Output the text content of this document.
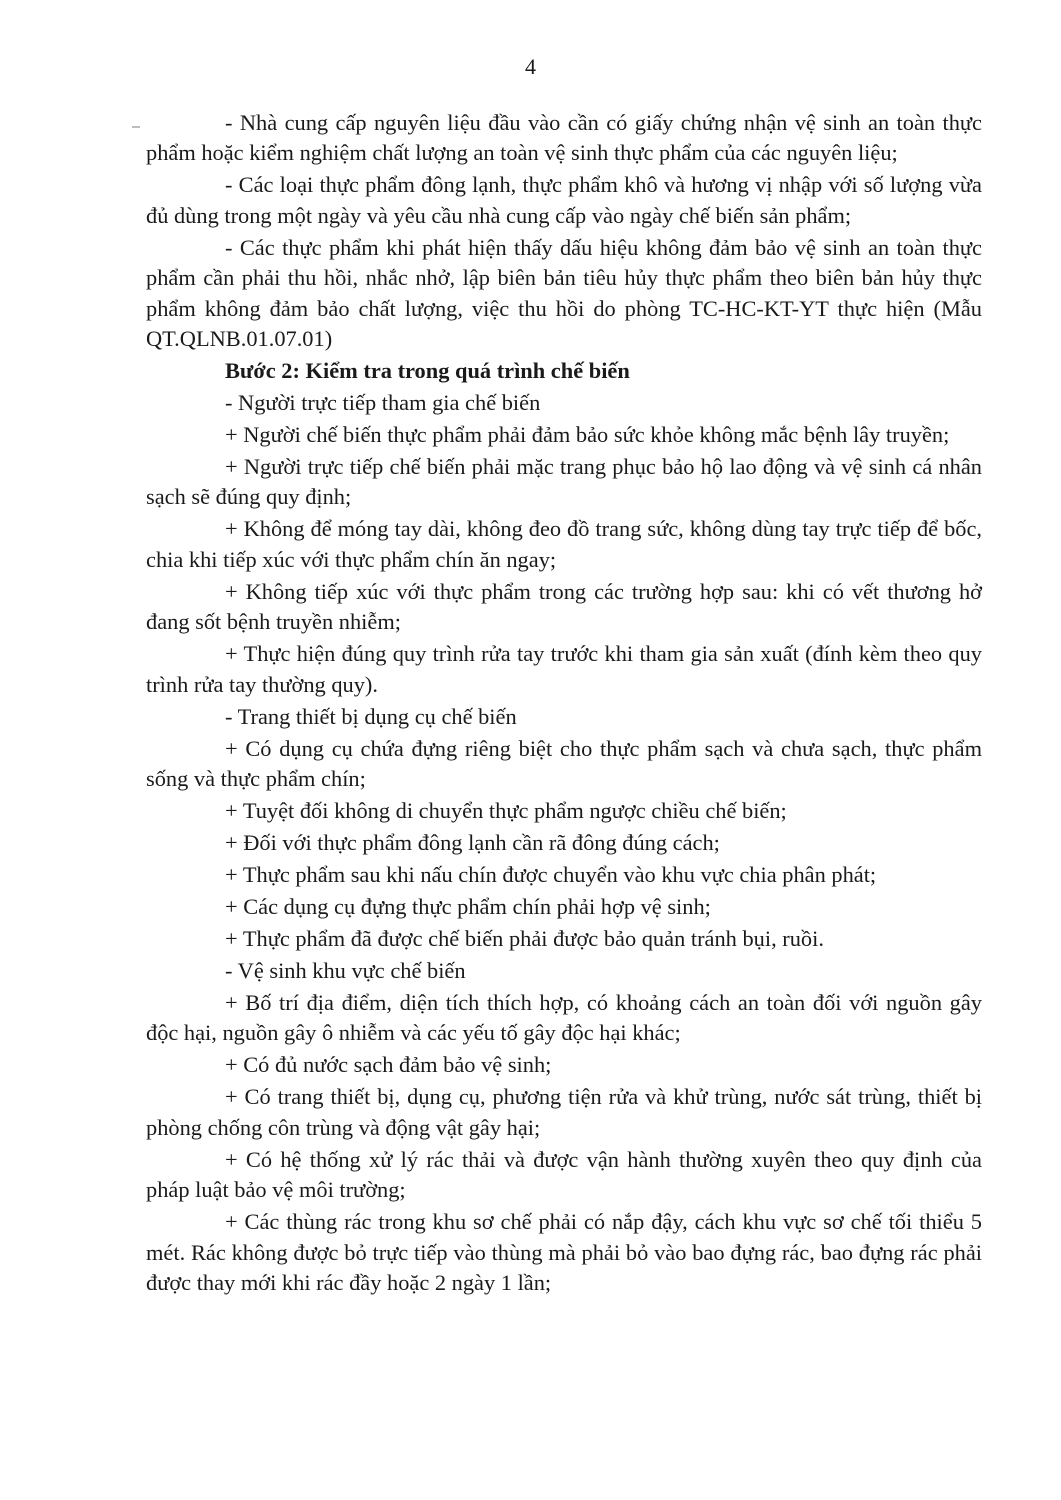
4

- Nhà cung cấp nguyên liệu đầu vào cần có giấy chứng nhận vệ sinh an toàn thực phẩm hoặc kiểm nghiệm chất lượng an toàn vệ sinh thực phẩm của các nguyên liệu;

- Các loại thực phẩm đông lạnh, thực phẩm khô và hương vị nhập với số lượng vừa đủ dùng trong một ngày và yêu cầu nhà cung cấp vào ngày chế biến sản phẩm;

- Các thực phẩm khi phát hiện thấy dấu hiệu không đảm bảo vệ sinh an toàn thực phẩm cần phải thu hồi, nhắc nhở, lập biên bản tiêu hủy thực phẩm theo biên bản hủy thực phẩm không đảm bảo chất lượng, việc thu hồi do phòng TC-HC-KT-YT thực hiện (Mẫu QT.QLNB.01.07.01)

Bước 2: Kiểm tra trong quá trình chế biến

- Người trực tiếp tham gia chế biến

+ Người chế biến thực phẩm phải đảm bảo sức khỏe không mắc bệnh lây truyền;

+ Người trực tiếp chế biến phải mặc trang phục bảo hộ lao động và vệ sinh cá nhân sạch sẽ đúng quy định;

+ Không để móng tay dài, không đeo đồ trang sức, không dùng tay trực tiếp để bốc, chia khi tiếp xúc với thực phẩm chín ăn ngay;

+ Không tiếp xúc với thực phẩm trong các trường hợp sau: khi có vết thương hở đang sốt bệnh truyền nhiễm;

+ Thực hiện đúng quy trình rửa tay trước khi tham gia sản xuất (đính kèm theo quy trình rửa tay thường quy).

- Trang thiết bị dụng cụ chế biến

+ Có dụng cụ chứa đựng riêng biệt cho thực phẩm sạch và chưa sạch, thực phẩm sống và thực phẩm chín;

+ Tuyệt đối không di chuyển thực phẩm ngược chiều chế biến;

+ Đối với thực phẩm đông lạnh cần rã đông đúng cách;

+ Thực phẩm sau khi nấu chín được chuyển vào khu vực chia phân phát;

+ Các dụng cụ đựng thực phẩm chín phải hợp vệ sinh;

+ Thực phẩm đã được chế biến phải được bảo quản tránh bụi, ruồi.

- Vệ sinh khu vực chế biến

+ Bố trí địa điểm, diện tích thích hợp, có khoảng cách an toàn đối với nguồn gây độc hại, nguồn gây ô nhiễm và các yếu tố gây độc hại khác;

+ Có đủ nước sạch đảm bảo vệ sinh;

+ Có trang thiết bị, dụng cụ, phương tiện rửa và khử trùng, nước sát trùng, thiết bị phòng chống côn trùng và động vật gây hại;

+ Có hệ thống xử lý rác thải và được vận hành thường xuyên theo quy định của pháp luật bảo vệ môi trường;

+ Các thùng rác trong khu sơ chế phải có nắp đậy, cách khu vực sơ chế tối thiểu 5 mét. Rác không được bỏ trực tiếp vào thùng mà phải bỏ vào bao đựng rác, bao đựng rác phải được thay mới khi rác đầy hoặc 2 ngày 1 lần;
